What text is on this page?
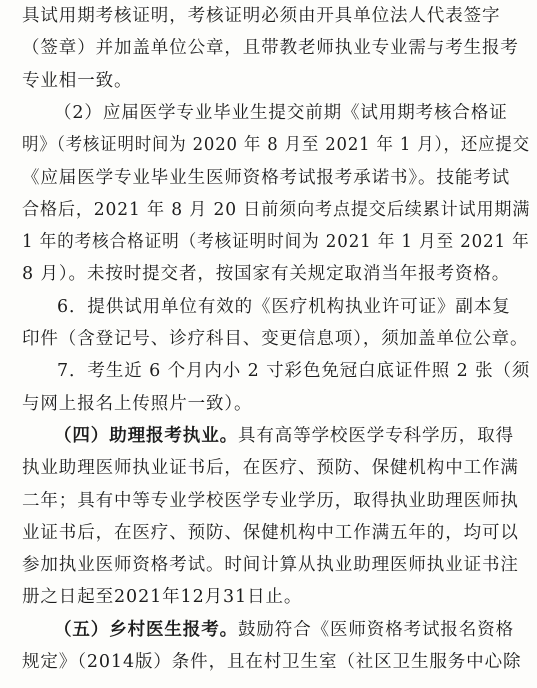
具试用期考核证明，考核证明必须由开具单位法人代表签字
（签章）并加盖单位公章，且带教老师执业专业需与考生报考
专业相一致。
（2）应届医学专业毕业生提交前期《试用期考核合格证
明》（考核证明时间为 2020 年 8 月至 2021 年 1 月），还应提交
《应届医学专业毕业生医师资格考试报考承诺书》。技能考试
合格后，2021 年 8 月 20 日前须向考点提交后续累计试用期满
1 年的考核合格证明（考核证明时间为 2021 年 1 月至 2021 年
8 月）。未按时提交者，按国家有关规定取消当年报考资格。
6．提供试用单位有效的《医疗机构执业许可证》副本复
印件（含登记号、诊疗科目、变更信息项），须加盖单位公章。
7．考生近 6 个月内小 2 寸彩色免冠白底证件照 2 张（须
与网上报名上传照片一致）。
（四）助理报考执业。具有高等学校医学专科学历，取得
执业助理医师执业证书后，在医疗、预防、保健机构中工作满
二年；具有中等专业学校医学专业学历，取得执业助理医师执
业证书后，在医疗、预防、保健机构中工作满五年的，均可以
参加执业医师资格考试。时间计算从执业助理医师执业证书注
册之日起至2021年12月31日止。
（五）乡村医生报考。鼓励符合《医师资格考试报名资格
规定》（2014版）条件，且在村卫生室（社区卫生服务中心除
